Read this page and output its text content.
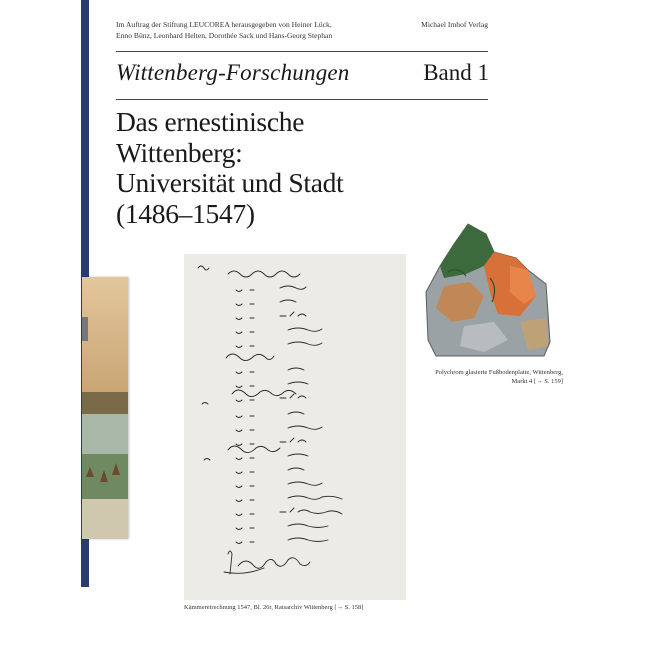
Im Auftrag der Stiftung LEUCOREA herausgegeben von Heiner Lück,
Enno Bünz, Leonhard Helten, Dorothée Sack und Hans-Georg Stephan
Michael Imhof Verlag
Wittenberg-Forschungen	Band 1
Das ernestinische
Wittenberg:
Universität und Stadt
(1486–1547)
Kämmereirechnung 1547, Bl. 26r, Ratsarchiv Wittenberg [→ S. 158]
Polychrom glasierte Fußbodenplatte, Wittenberg,
Markt 4 [→ S. 159]
